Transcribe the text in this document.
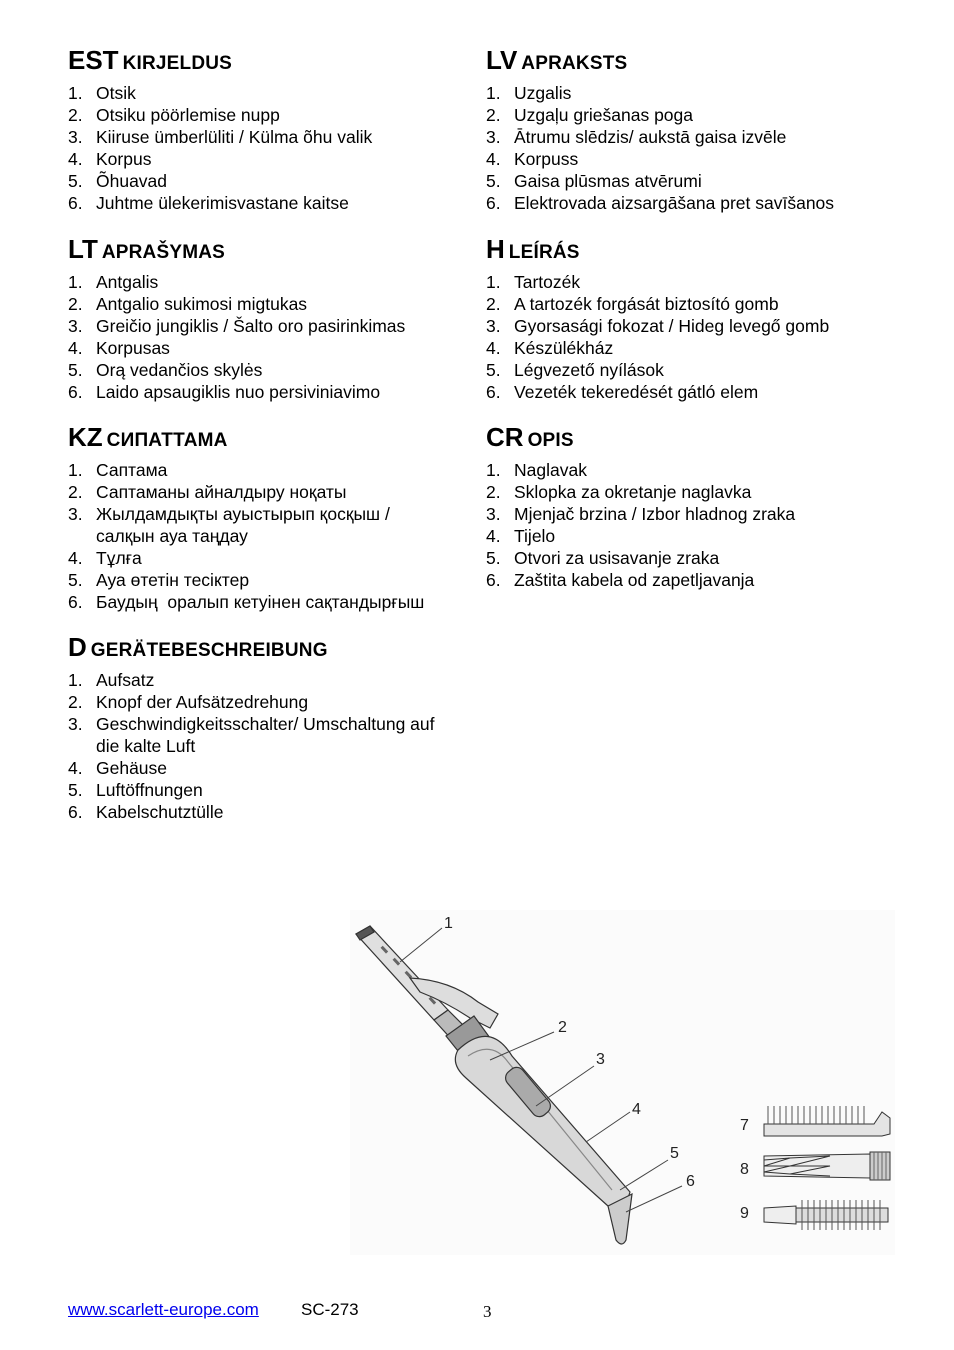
EST KIRJELDUS
1. Otsik
2. Otsiku pöörlemise nupp
3. Kiiruse ümberlüliti / Külma õhu valik
4. Korpus
5. Õhuavad
6. Juhtme ülekerimisvastane kaitse
LV APRAKSTS
1. Uzgalis
2. Uzgaļu griešanas poga
3. Ātrumu slēdzis/ aukstā gaisa izvēle
4. Korpuss
5. Gaisa plūsmas atvērumi
6. Elektrovada aizsargāšana pret savīšanos
LT APRAŠYMAS
1. Antgalis
2. Antgalio sukimosi migtukas
3. Greičio jungiklis / Šalto oro pasirinkimas
4. Korpusas
5. Orą vedančios skylės
6. Laido apsaugiklis nuo persiviniavimo
H LEÍRÁS
1. Tartozék
2. A tartozék forgását biztosító gomb
3. Gyorsasági fokozat / Hideg levegő gomb
4. Készülékház
5. Légvezető nyílások
6. Vezeték tekeredését gátló elem
KZ СИПАТТАМА
1. Саптама
2. Саптаманы айналдыру ноқаты
3. Жылдамдықты ауыстырып қосқыш / салқын ауа таңдау
4. Тұлға
5. Ауа өтетін тесіктер
6. Баудың  оралып кетуінен сақтандырғыш
CR OPIS
1. Naglavak
2. Sklopka za okretanje naglavka
3. Mjenjač brzina / Izbor hladnog zraka
4. Tijelo
5. Otvori za usisavanje zraka
6. Zaštita kabela od zapetljavanja
D GERÄTEBESCHREIBUNG
1. Aufsatz
2. Knopf der Aufsätzedrehung
3. Geschwindigkeitsschalter/ Umschaltung auf die kalte Luft
4. Gehäuse
5. Luftöffnungen
6. Kabelschutztülle
1
2
3
4
5
6
7
8
9
www.scarlett-europe.com SC-273	3
